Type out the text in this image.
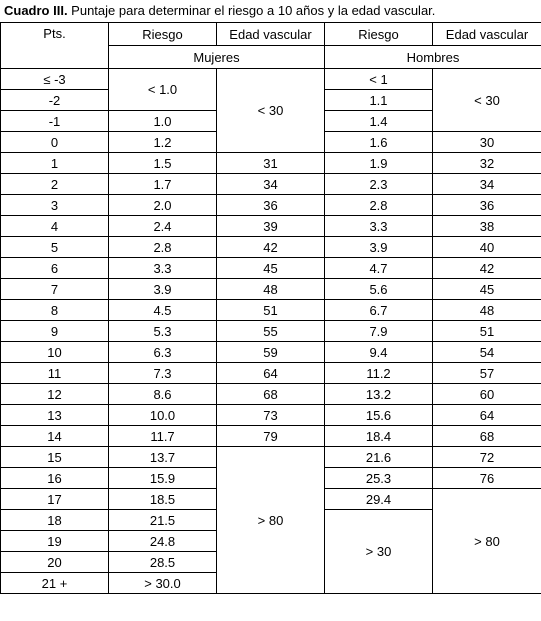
Cuadro III. Puntaje para determinar el riesgo a 10 años y la edad vascular.
Pts.	Riesgo	Edad vascular	Riesgo	Edad vascular
	Mujeres		Hombres	
≤ -3	< 1.0	< 30	< 1	< 30
-2			1.1	
-1	1.0		1.4	
0	1.2		1.6	30
1	1.5	31	1.9	32
2	1.7	34	2.3	34
3	2.0	36	2.8	36
4	2.4	39	3.3	38
5	2.8	42	3.9	40
6	3.3	45	4.7	42
7	3.9	48	5.6	45
8	4.5	51	6.7	48
9	5.3	55	7.9	51
10	6.3	59	9.4	54
11	7.3	64	11.2	57
12	8.6	68	13.2	60
13	10.0	73	15.6	64
14	11.7	79	18.4	68
15	13.7	> 80	21.6	72
16	15.9		25.3	76
17	18.5		29.4	> 80
18	21.5		> 30	
19	24.8			
20	28.5			
21 +	> 30.0			
